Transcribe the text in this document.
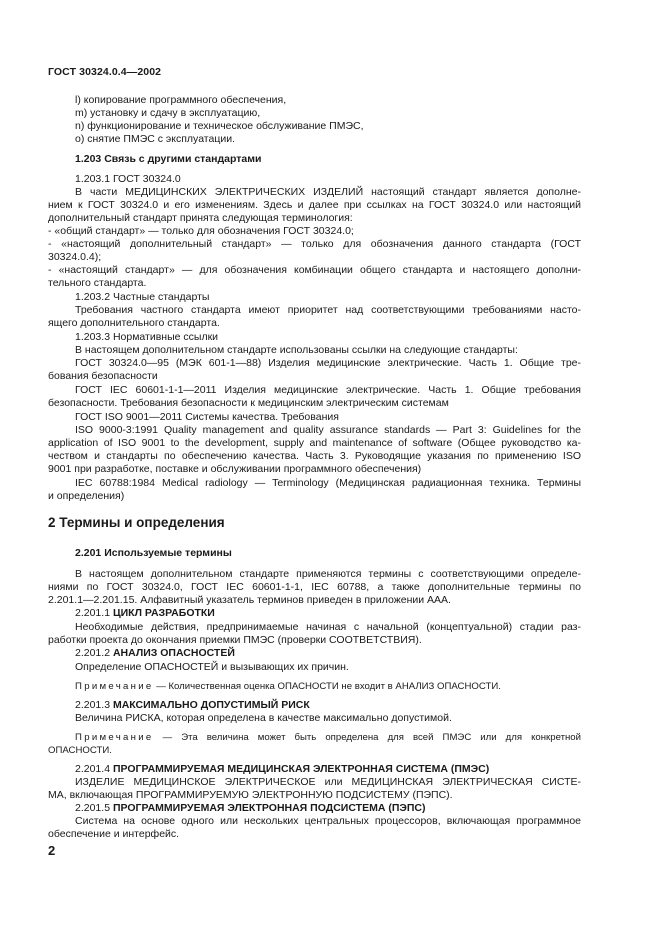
ГОСТ 30324.0.4—2002
l) копирование программного обеспечения,
m) установку и сдачу в эксплуатацию,
n) функционирование и техническое обслуживание ПМЭС,
о) снятие ПМЭС с эксплуатации.
1.203 Связь с другими стандартами
1.203.1 ГОСТ 30324.0
В части МЕДИЦИНСКИХ ЭЛЕКТРИЧЕСКИХ ИЗДЕЛИЙ настоящий стандарт является дополне-
нием к ГОСТ 30324.0 и его изменениям. Здесь и далее при ссылках на ГОСТ 30324.0 или настоящий
дополнительный стандарт принята следующая терминология:
- «общий стандарт» — только для обозначения ГОСТ 30324.0;
- «настоящий дополнительный стандарт» — только для обозначения данного стандарта (ГОСТ
30324.0.4);
- «настоящий стандарт» — для обозначения комбинации общего стандарта и настоящего дополни-
тельного стандарта.
1.203.2 Частные стандарты
Требования частного стандарта имеют приоритет над соответствующими требованиями насто-
ящего дополнительного стандарта.
1.203.3 Нормативные ссылки
В настоящем дополнительном стандарте использованы ссылки на следующие стандарты:
ГОСТ 30324.0—95 (МЭК 601-1—88) Изделия медицинские электрические. Часть 1. Общие тре-
бования безопасности
ГОСТ IEC 60601-1-1—2011 Изделия медицинские электрические. Часть 1. Общие требования
безопасности. Требования безопасности к медицинским электрическим системам
ГОСТ ISO 9001—2011 Системы качества. Требования
ISO 9000-3:1991 Quality management and quality assurance standards — Part 3: Guidelines for the
application of ISO 9001 to the development, supply and maintenance of software (Общее руководство ка-
чеством и стандарты по обеспечению качества. Часть 3. Руководящие указания по применению ISO
9001 при разработке, поставке и обслуживании программного обеспечения)
IEC 60788:1984 Medical radiology — Terminology (Медицинская радиационная техника. Термины
и определения)
2 Термины и определения
2.201 Используемые термины
В настоящем дополнительном стандарте применяются термины с соответствующими определе-
ниями по ГОСТ 30324.0, ГОСТ IEC 60601-1-1, IEC 60788, а также дополнительные термины по
2.201.1—2.201.15. Алфавитный указатель терминов приведен в приложении ААА.
2.201.1 ЦИКЛ РАЗРАБОТКИ
Необходимые действия, предпринимаемые начиная с начальной (концептуальной) стадии раз-
работки проекта до окончания приемки ПМЭС (проверки СООТВЕТСТВИЯ).
2.201.2 АНАЛИЗ ОПАСНОСТЕЙ
Определение ОПАСНОСТЕЙ и вызывающих их причин.
Примечание — Количественная оценка ОПАСНОСТИ не входит в АНАЛИЗ ОПАСНОСТИ.
2.201.3 МАКСИМАЛЬНО ДОПУСТИМЫЙ РИСК
Величина РИСКА, которая определена в качестве максимально допустимой.
Примечание — Эта величина может быть определена для всей ПМЭС или для конкретной
ОПАСНОСТИ.
2.201.4 ПРОГРАММИРУЕМАЯ МЕДИЦИНСКАЯ ЭЛЕКТРОННАЯ СИСТЕМА (ПМЭС)
ИЗДЕЛИЕ МЕДИЦИНСКОЕ ЭЛЕКТРИЧЕСКОЕ или МЕДИЦИНСКАЯ ЭЛЕКТРИЧЕСКАЯ СИСТЕ-
МА, включающая ПРОГРАММИРУЕМУЮ ЭЛЕКТРОННУЮ ПОДСИСТЕМУ (ПЭПС).
2.201.5 ПРОГРАММИРУЕМАЯ ЭЛЕКТРОННАЯ ПОДСИСТЕМА (ПЭПС)
Система на основе одного или нескольких центральных процессоров, включающая программное
обеспечение и интерфейс.
2
